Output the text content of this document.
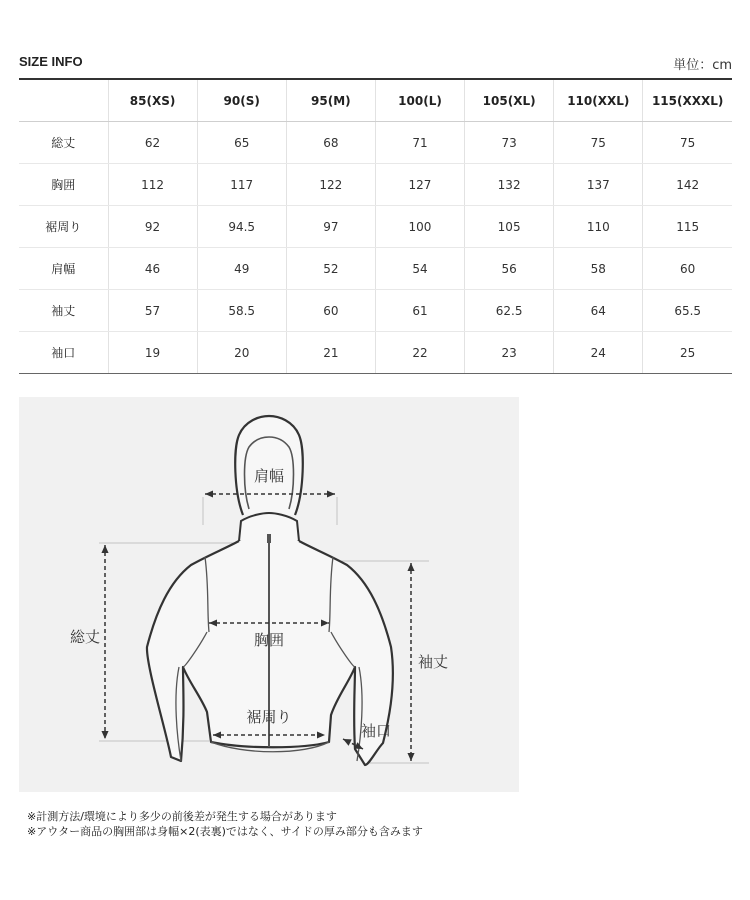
SIZE INFO	単位：cm
	85(XS)	90(S)	95(M)	100(L)	105(XL)	110(XXL)	115(XXXL)
総丈	62	65	68	71	73	75	75
胸囲	112	117	122	127	132	137	142
裾周り	92	94.5	97	100	105	110	115
肩幅	46	49	52	54	56	58	60
袖丈	57	58.5	60	61	62.5	64	65.5
袖口	19	20	21	22	23	24	25
肩幅
総丈	胸囲
裾周り
袖丈
袖口
※計測方法/環境により多少の前後差が発生する場合があります
※アウター商品の胸囲部は身幅×2(表裏)ではなく、サイドの厚み部分も含みます
